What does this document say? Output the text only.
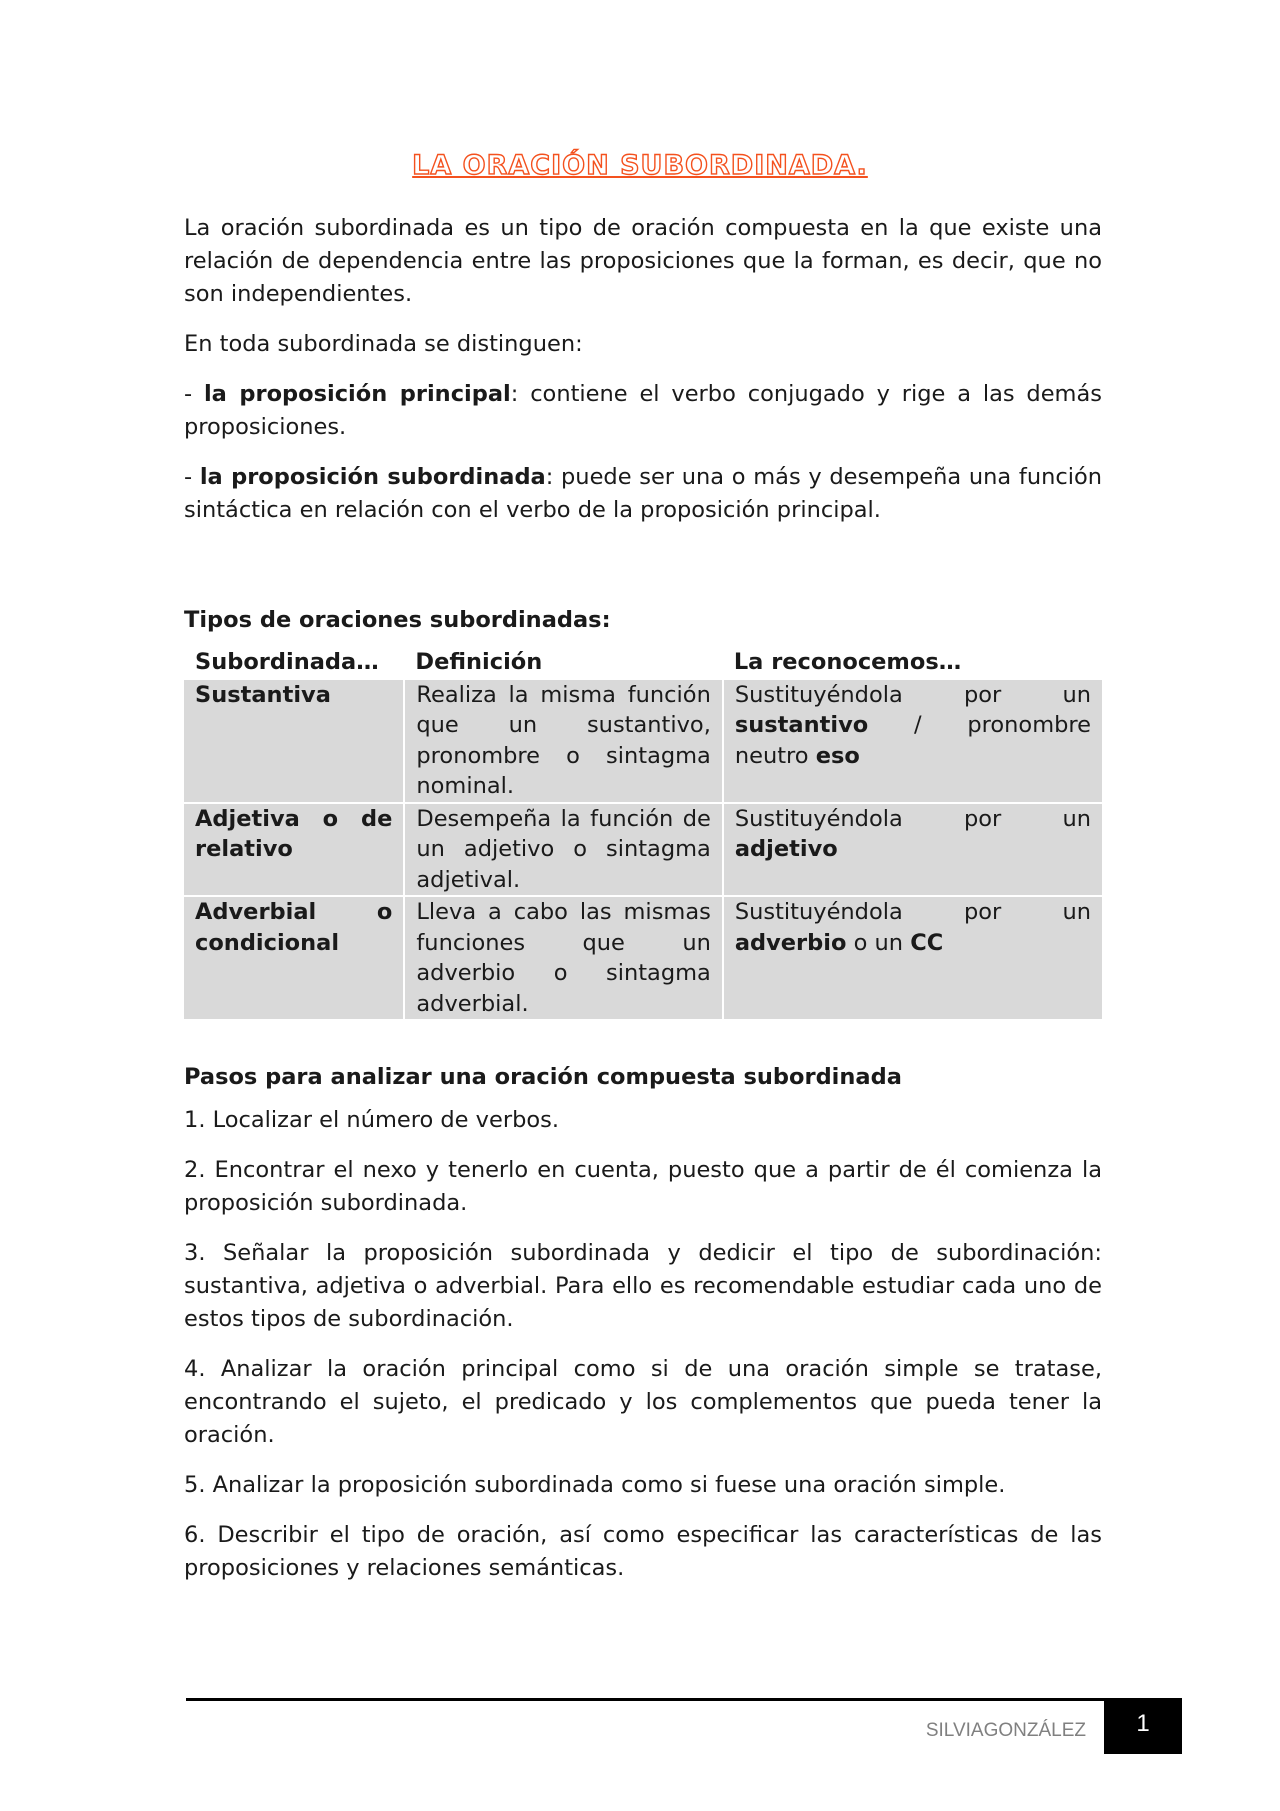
LA ORACIÓN SUBORDINADA.

La oración subordinada es un tipo de oración compuesta en la que existe una relación de dependencia entre las proposiciones que la forman, es decir, que no son independientes.

En toda subordinada se distinguen:

- la proposición principal: contiene el verbo conjugado y rige a las demás proposiciones.

- la proposición subordinada: puede ser una o más y desempeña una función sintáctica en relación con el verbo de la proposición principal.

Tipos de oraciones subordinadas:
Subordinada…	Definición	La reconocemos…
Sustantiva	Realiza la misma función que un sustantivo, pronombre o sintagma nominal.	Sustituyéndola por un sustantivo / pronombre neutro eso
Adjetiva o de relativo	Desempeña la función de un adjetivo o sintagma adjetival.	Sustituyéndola por un adjetivo
Adverbial o condicional	Lleva a cabo las mismas funciones que un adverbio o sintagma adverbial.	Sustituyéndola por un adverbio o un CC
Pasos para analizar una oración compuesta subordinada

1. Localizar el número de verbos.

2. Encontrar el nexo y tenerlo en cuenta, puesto que a partir de él comienza la proposición subordinada.

3. Señalar la proposición subordinada y dedicir el tipo de subordinación: sustantiva, adjetiva o adverbial. Para ello es recomendable estudiar cada uno de estos tipos de subordinación.

4. Analizar la oración principal como si de una oración simple se tratase, encontrando el sujeto, el predicado y los complementos que pueda tener la oración.

5. Analizar la proposición subordinada como si fuese una oración simple.

6. Describir el tipo de oración, así como especificar las características de las proposiciones y relaciones semánticas.

SILVIAGONZÁLEZ	1
